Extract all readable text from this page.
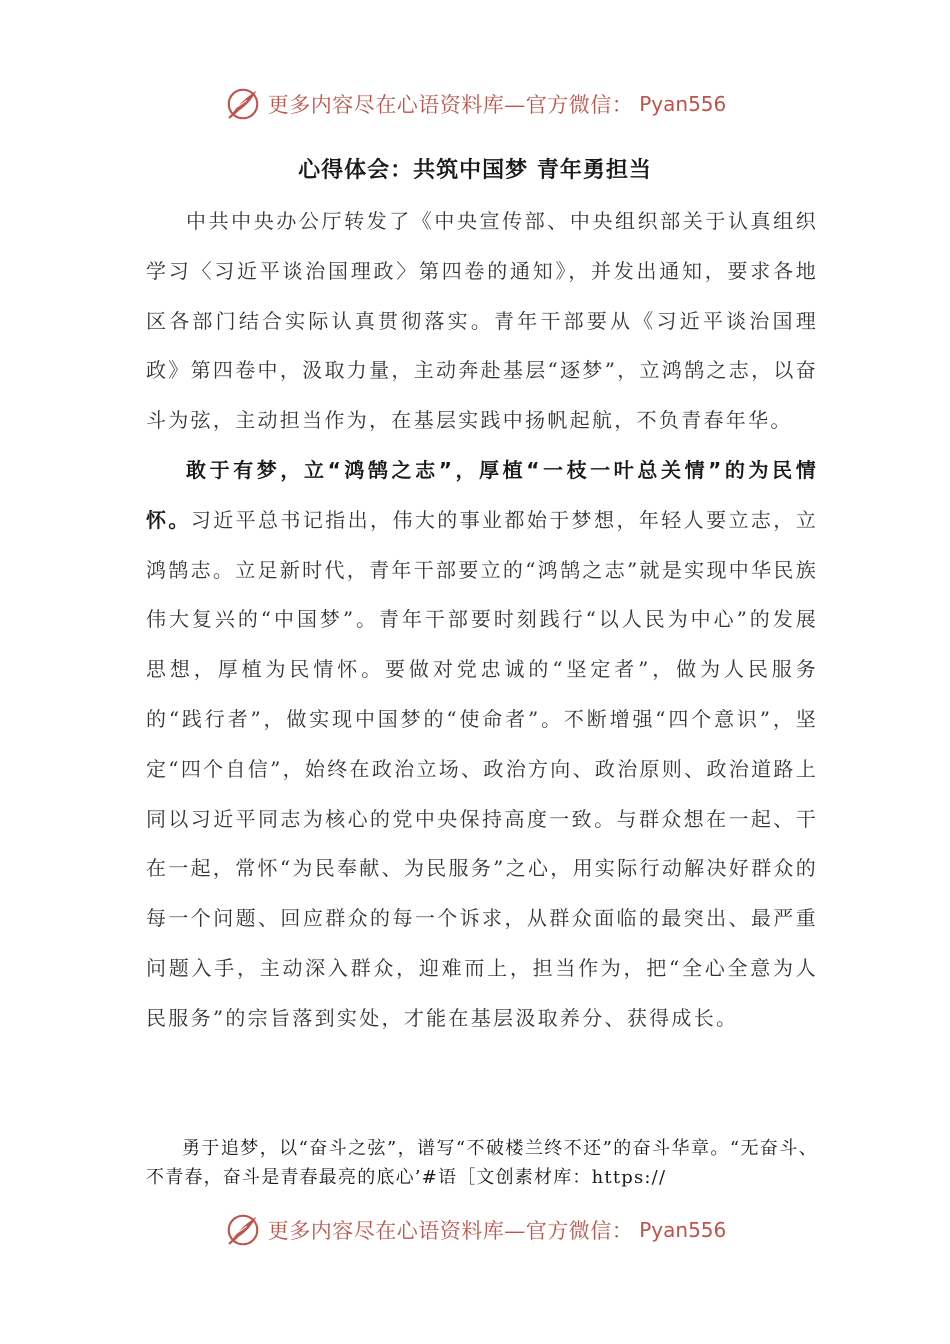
更多内容尽在心语资料库—官方微信： Pyan556
心得体会：共筑中国梦 青年勇担当

中共中央办公厅转发了《中央宣传部、中央组织部关于认真组织学习〈习近平谈治国理政〉第四卷的通知》，并发出通知，要求各地区各部门结合实际认真贯彻落实。青年干部要从《习近平谈治国理政》第四卷中，汲取力量，主动奔赴基层“逐梦”，立鸿鹄之志，以奋斗为弦，主动担当作为，在基层实践中扬帆起航，不负青春年华。

敢于有梦，立“鸿鹄之志”，厚植“一枝一叶总关情”的为民情怀。习近平总书记指出，伟大的事业都始于梦想，年轻人要立志，立鸿鹄志。立足新时代，青年干部要立的“鸿鹄之志”就是实现中华民族伟大复兴的“中国梦”。青年干部要时刻践行“以人民为中心”的发展思想，厚植为民情怀。要做对党忠诚的“坚定者”，做为人民服务的“践行者”，做实现中国梦的“使命者”。不断增强“四个意识”，坚定“四个自信”，始终在政治立场、政治方向、政治原则、政治道路上同以习近平同志为核心的党中央保持高度一致。与群众想在一起、干在一起，常怀“为民奉献、为民服务”之心，用实际行动解决好群众的每一个问题、回应群众的每一个诉求，从群众面临的最突出、最严重问题入手，主动深入群众，迎难而上，担当作为，把“全心全意为人民服务”的宗旨落到实处，才能在基层汲取养分、获得成长。

勇于追梦，以“奋斗之弦”，谱写“不破楼兰终不还”的奋斗华章。“无奋斗、不青春，奋斗是青春最亮的底心’#语［文创素材库：https://

更多内容尽在心语资料库—官方微信： Pyan556
